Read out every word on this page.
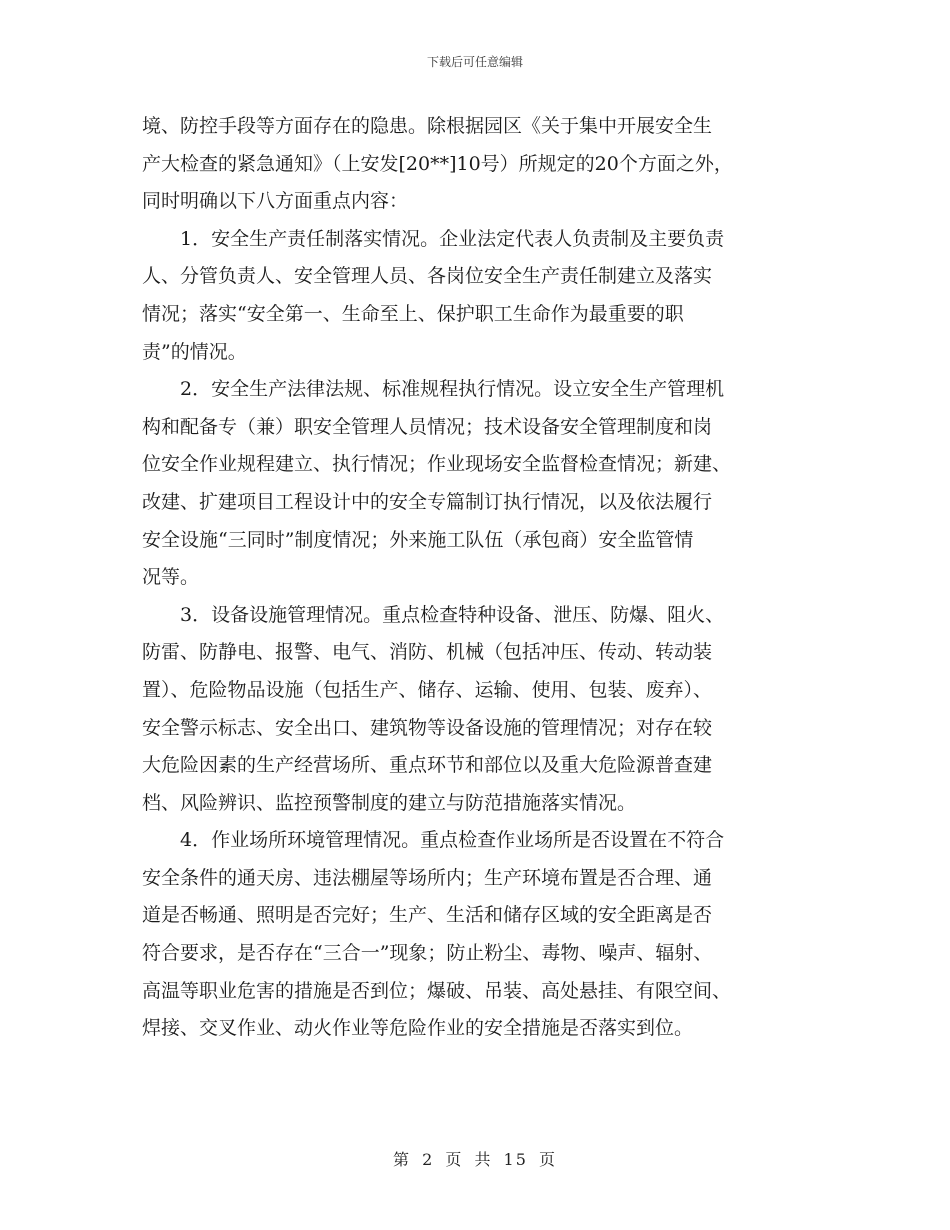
下载后可任意编辑
境、防控手段等方面存在的隐患。除根据园区《关于集中开展安全生
产大检查的紧急通知》（上安发[20**]10号）所规定的20个方面之外，
同时明确以下八方面重点内容：
1．安全生产责任制落实情况。企业法定代表人负责制及主要负责
人、分管负责人、安全管理人员、各岗位安全生产责任制建立及落实
情况；落实“安全第一、生命至上、保护职工生命作为最重要的职
责”的情况。
2．安全生产法律法规、标准规程执行情况。设立安全生产管理机
构和配备专（兼）职安全管理人员情况；技术设备安全管理制度和岗
位安全作业规程建立、执行情况；作业现场安全监督检查情况；新建、
改建、扩建项目工程设计中的安全专篇制订执行情况，以及依法履行
安全设施“三同时”制度情况；外来施工队伍（承包商）安全监管情
况等。
3．设备设施管理情况。重点检查特种设备、泄压、防爆、阻火、
防雷、防静电、报警、电气、消防、机械（包括冲压、传动、转动装
置）、危险物品设施（包括生产、储存、运输、使用、包装、废弃）、
安全警示标志、安全出口、建筑物等设备设施的管理情况；对存在较
大危险因素的生产经营场所、重点环节和部位以及重大危险源普查建
档、风险辨识、监控预警制度的建立与防范措施落实情况。
4．作业场所环境管理情况。重点检查作业场所是否设置在不符合
安全条件的通天房、违法棚屋等场所内；生产环境布置是否合理、通
道是否畅通、照明是否完好；生产、生活和储存区域的安全距离是否
符合要求，是否存在“三合一”现象；防止粉尘、毒物、噪声、辐射、
高温等职业危害的措施是否到位；爆破、吊装、高处悬挂、有限空间、
焊接、交叉作业、动火作业等危险作业的安全措施是否落实到位。
第 2 页 共 15 页
